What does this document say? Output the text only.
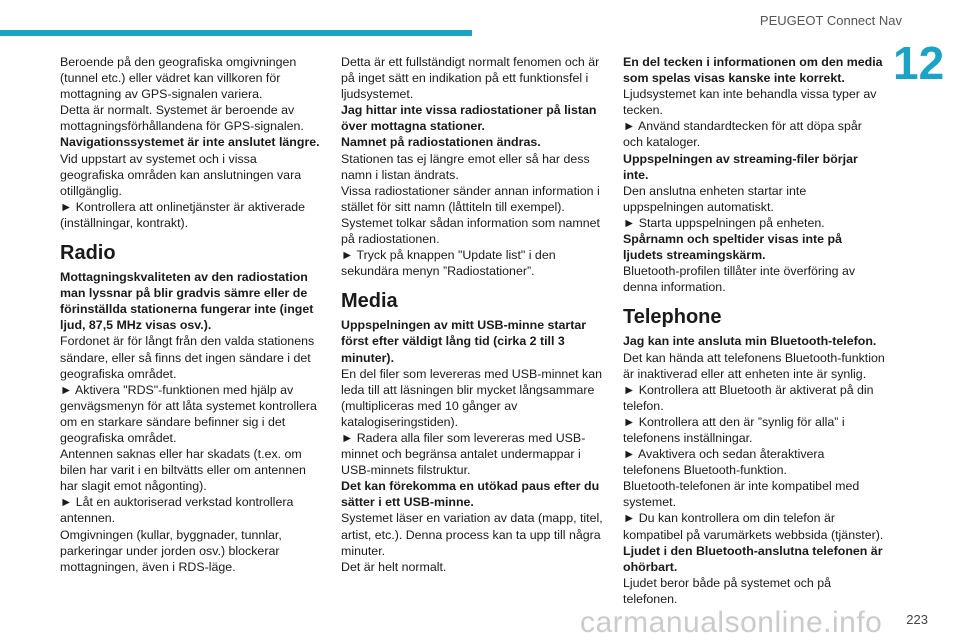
PEUGEOT Connect Nav
12

Beroende på den geografiska omgivningen (tunnel etc.) eller vädret kan villkoren för mottagning av GPS-signalen variera.

Detta är normalt. Systemet är beroende av mottagningsförhållandena för GPS-signalen.

Navigationssystemet är inte anslutet längre.

Vid uppstart av systemet och i vissa geografiska områden kan anslutningen vara otillgänglig.

► Kontrollera att onlinetjänster är aktiverade (inställningar, kontrakt).

Radio

Mottagningskvaliteten av den radiostation man lyssnar på blir gradvis sämre eller de förinställda stationerna fungerar inte (inget ljud, 87,5 MHz visas osv.).

Fordonet är för långt från den valda stationens sändare, eller så finns det ingen sändare i det geografiska området.

► Aktivera "RDS"-funktionen med hjälp av genvägsmenyn för att låta systemet kontrollera om en starkare sändare befinner sig i det geografiska området.

Antennen saknas eller har skadats (t.ex. om bilen har varit i en biltvätts eller om antennen har slagit emot någonting).

► Låt en auktoriserad verkstad kontrollera antennen.

Omgivningen (kullar, byggnader, tunnlar, parkeringar under jorden osv.) blockerar mottagningen, även i RDS-läge.

Detta är ett fullständigt normalt fenomen och är på inget sätt en indikation på ett funktionsfel i ljudsystemet.

Jag hittar inte vissa radiostationer på listan över mottagna stationer.

Namnet på radiostationen ändras.

Stationen tas ej längre emot eller så har dess namn i listan ändrats.

Vissa radiostationer sänder annan information i stället för sitt namn (låttiteln till exempel).

Systemet tolkar sådan information som namnet på radiostationen.

► Tryck på knappen "Update list" i den sekundära menyn ”Radiostationer”.

Media

Uppspelningen av mitt USB-minne startar först efter väldigt lång tid (cirka 2 till 3 minuter).

En del filer som levereras med USB-minnet kan leda till att läsningen blir mycket långsammare (multipliceras med 10 gånger av katalogiseringstiden).

► Radera alla filer som levereras med USB-minnet och begränsa antalet undermappar i USB-minnets filstruktur.

Det kan förekomma en utökad paus efter du sätter i ett USB-minne.

Systemet läser en variation av data (mapp, titel, artist, etc.). Denna process kan ta upp till några minuter.

Det är helt normalt.

En del tecken i informationen om den media som spelas visas kanske inte korrekt.

Ljudsystemet kan inte behandla vissa typer av tecken.

► Använd standardtecken för att döpa spår och kataloger.

Uppspelningen av streaming-filer börjar inte.

Den anslutna enheten startar inte uppspelningen automatiskt.

► Starta uppspelningen på enheten.

Spårnamn och speltider visas inte på ljudets streamingskärm.

Bluetooth-profilen tillåter inte överföring av denna information.

Telephone

Jag kan inte ansluta min Bluetooth-telefon.

Det kan hända att telefonens Bluetooth-funktion är inaktiverad eller att enheten inte är synlig.

► Kontrollera att Bluetooth är aktiverat på din telefon.

► Kontrollera att den är ”synlig för alla” i telefonens inställningar.

► Avaktivera och sedan återaktivera telefonens Bluetooth-funktion.

Bluetooth-telefonen är inte kompatibel med systemet.

► Du kan kontrollera om din telefon är kompatibel på varumärkets webbsida (tjänster).

Ljudet i den Bluetooth-anslutna telefonen är ohörbart.

Ljudet beror både på systemet och på telefonen.

carmanualsonline.info 223
